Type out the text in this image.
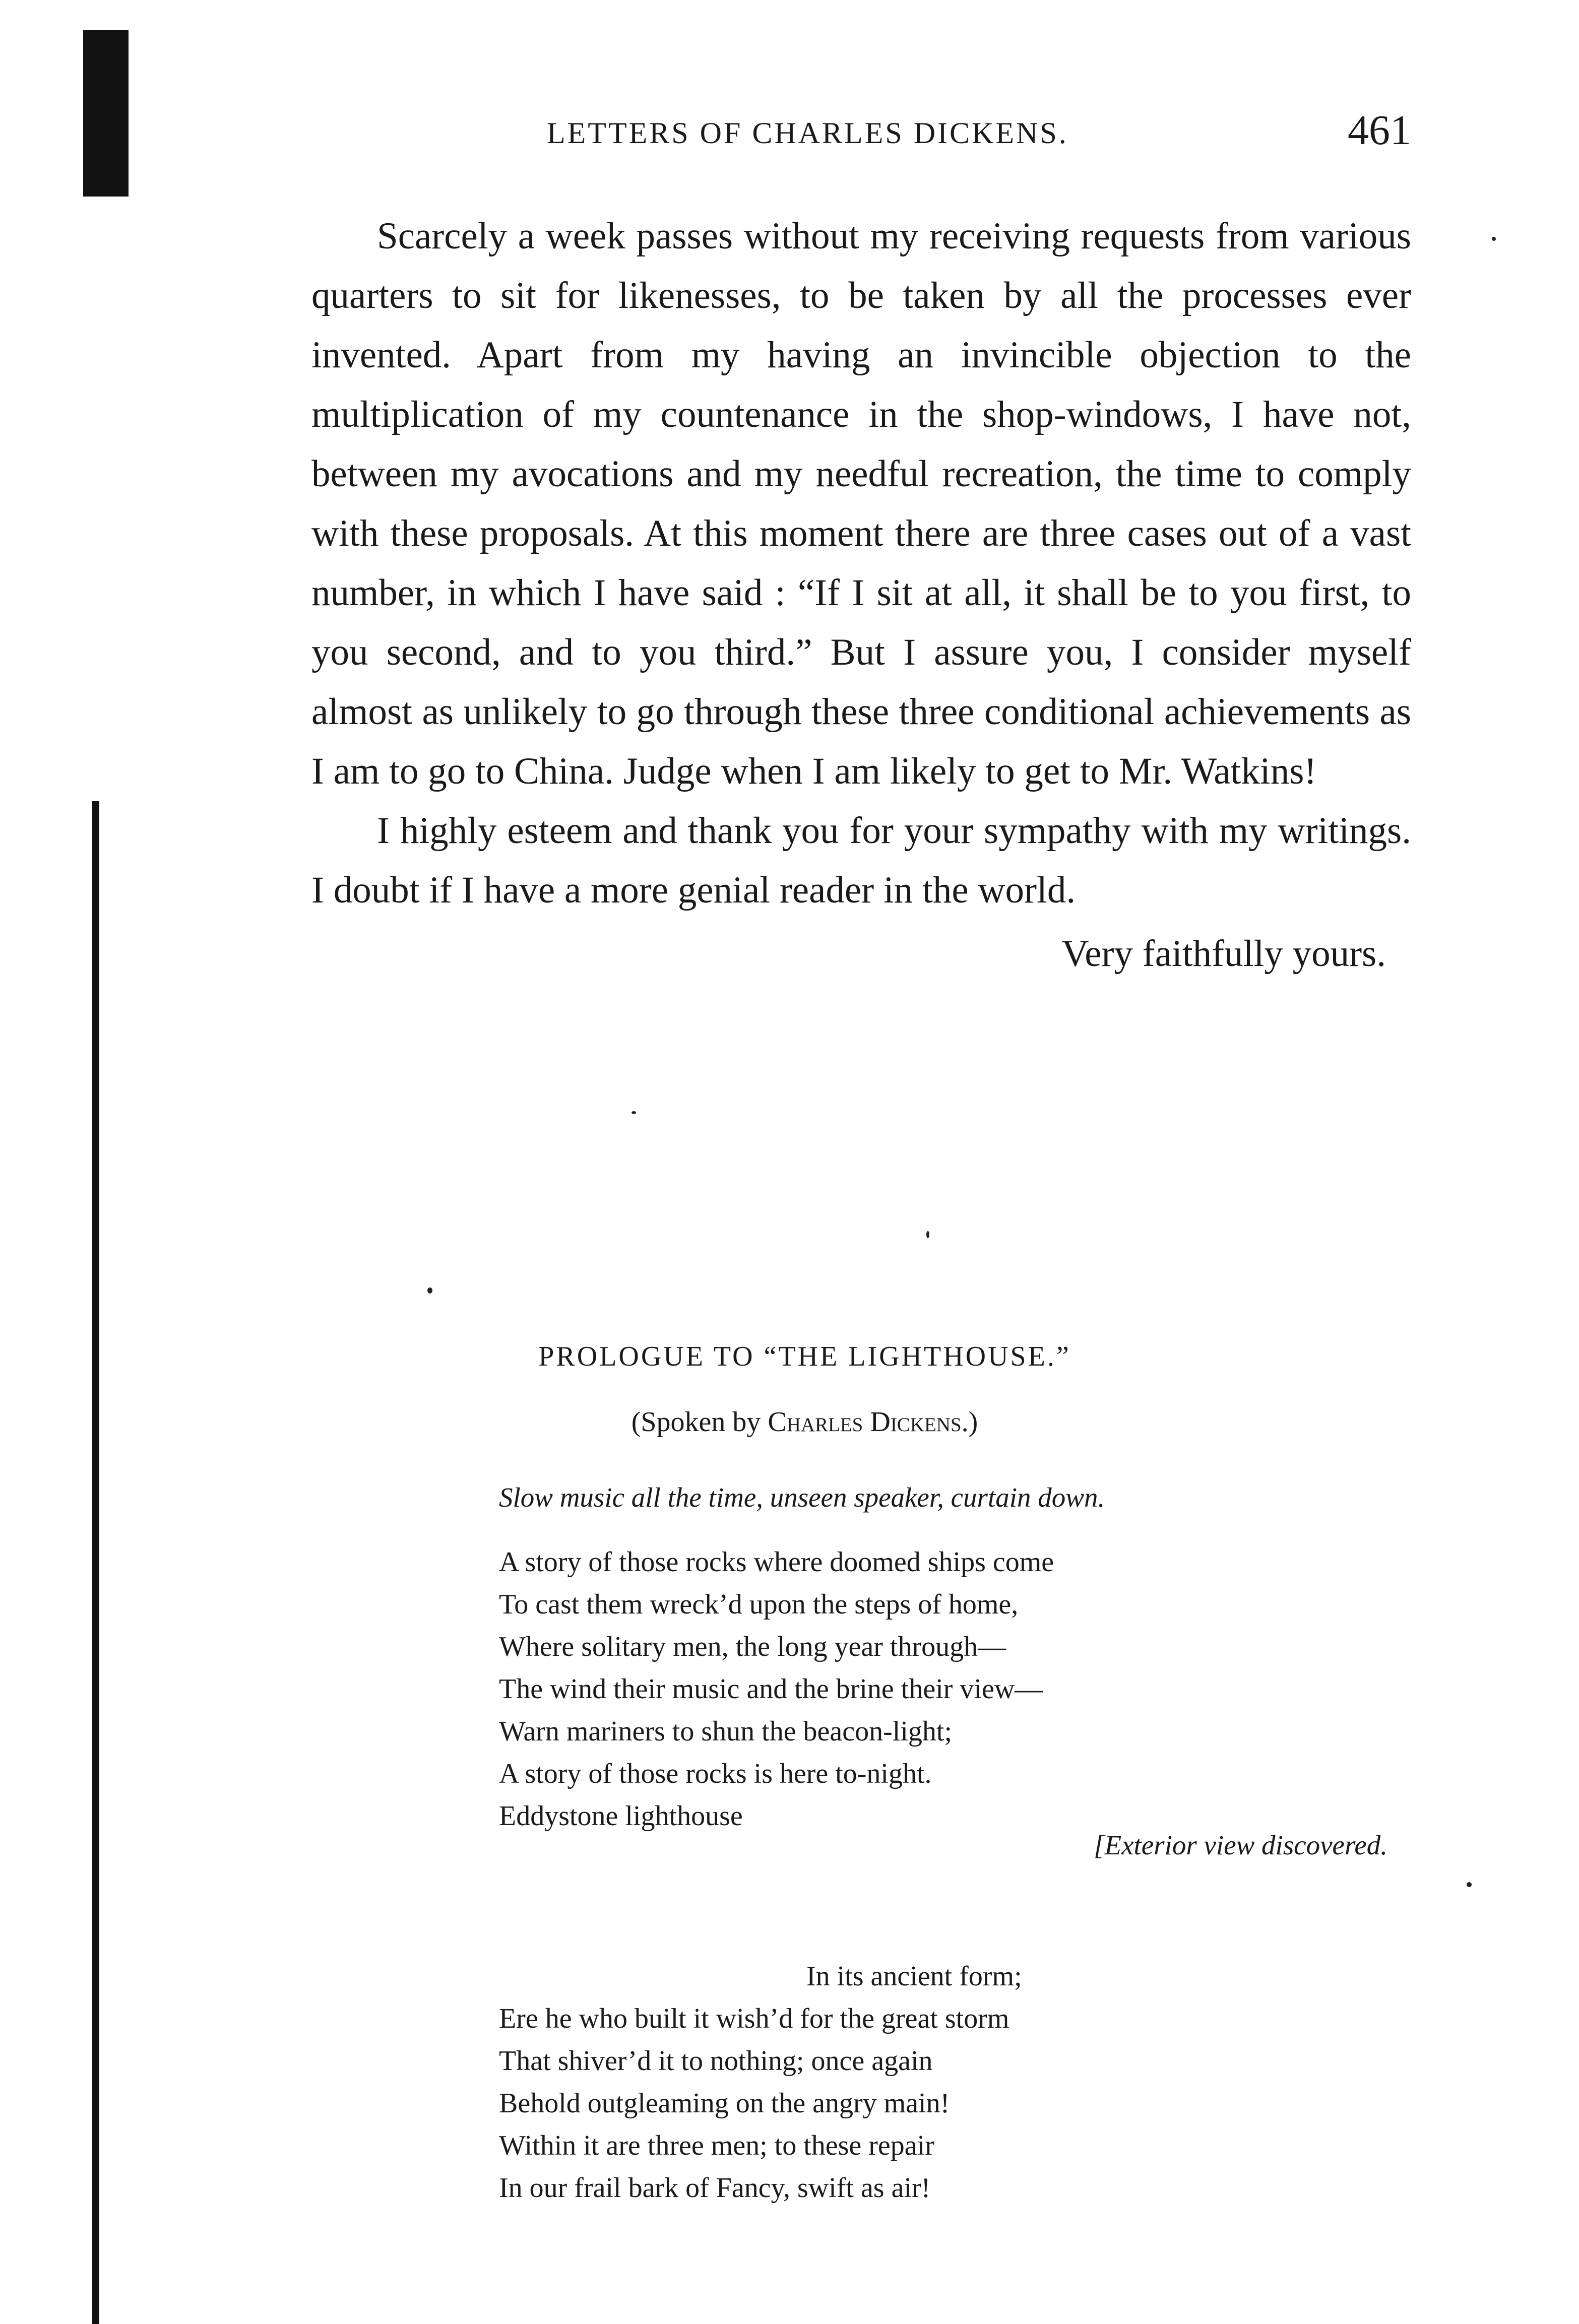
LETTERS OF CHARLES DICKENS.	461

Scarcely a week passes without my receiving requests from various quarters to sit for likenesses, to be taken by all the processes ever invented. Apart from my having an invincible objection to the multiplication of my countenance in the shop-windows, I have not, between my avocations and my needful recreation, the time to comply with these proposals. At this moment there are three cases out of a vast number, in which I have said : “If I sit at all, it shall be to you first, to you second, and to you third.” But I assure you, I consider myself almost as unlikely to go through these three conditional achievements as I am to go to China. Judge when I am likely to get to Mr. Watkins!

I highly esteem and thank you for your sympathy with my writings. I doubt if I have a more genial reader in the world.

Very faithfully yours.

PROLOGUE TO “THE LIGHTHOUSE.”
(Spoken by Charles Dickens.)
Slow music all the time, unseen speaker, curtain down.
A story of those rocks where doomed ships come
To cast them wreck’d upon the steps of home,
Where solitary men, the long year through—
The wind their music and the brine their view—
Warn mariners to shun the beacon-light;
A story of those rocks is here to-night.
Eddystone lighthouse
[Exterior view discovered.
In its ancient form;
Ere he who built it wish’d for the great storm
That shiver’d it to nothing; once again
Behold outgleaming on the angry main!
Within it are three men; to these repair
In our frail bark of Fancy, swift as air!
